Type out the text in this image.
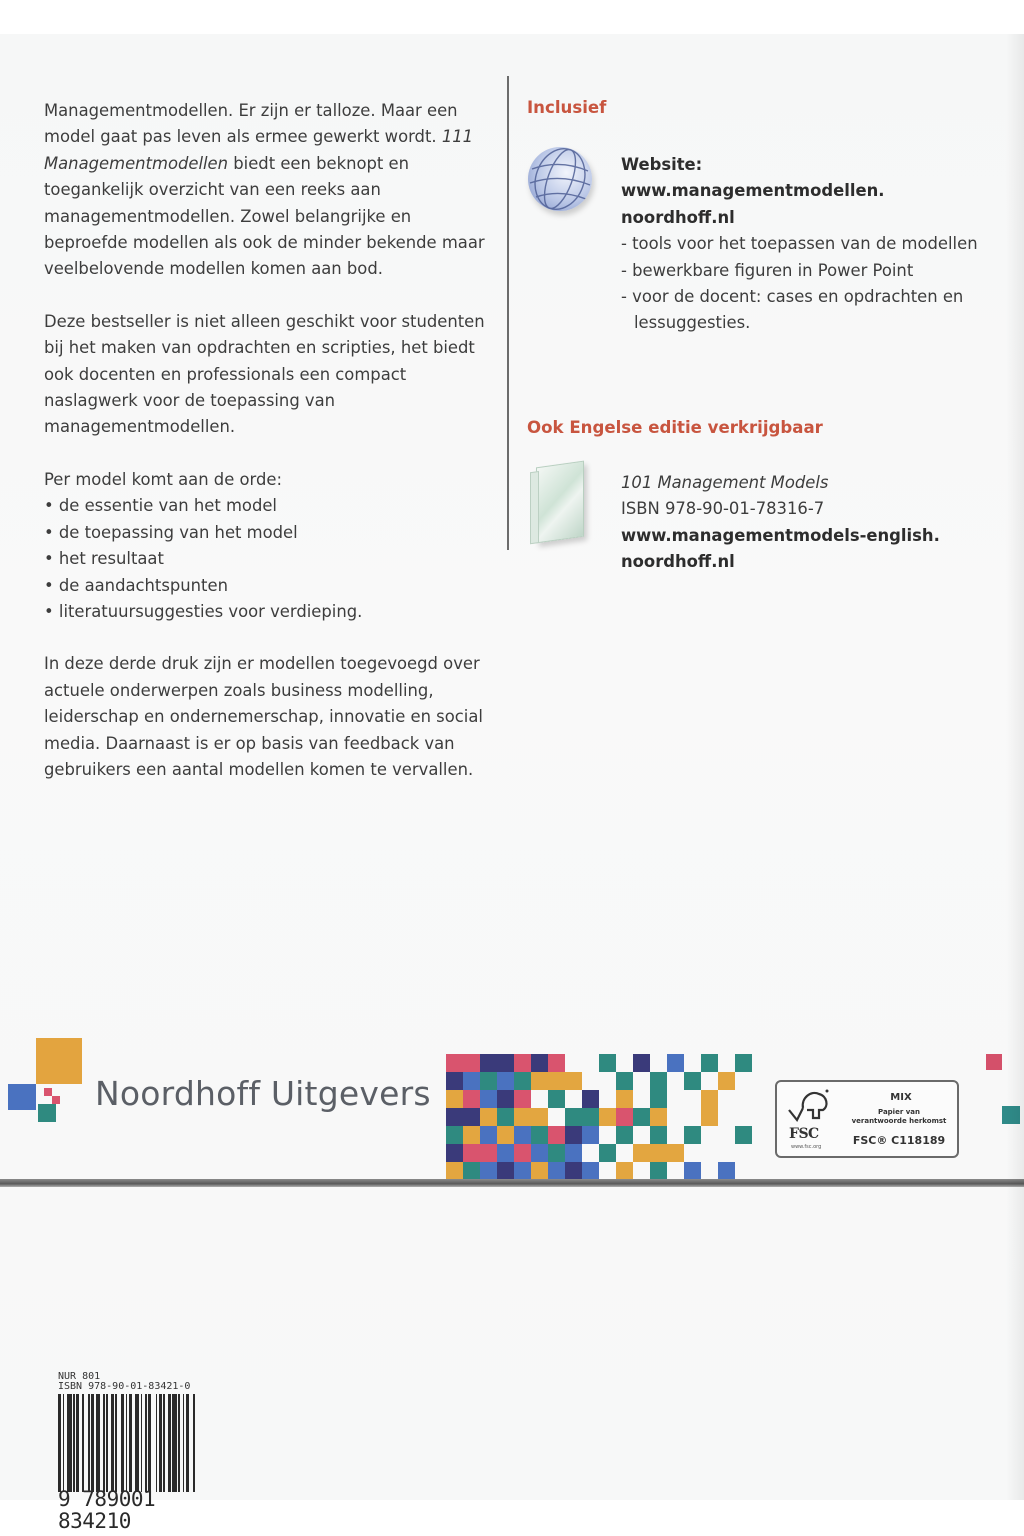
Managementmodellen. Er zijn er talloze. Maar een model gaat pas leven als ermee gewerkt wordt. 111 Managementmodellen biedt een beknopt en toegankelijk overzicht van een reeks aan managementmodellen. Zowel belangrijke en beproefde modellen als ook de minder bekende maar veelbelovende modellen komen aan bod.

Deze bestseller is niet alleen geschikt voor studenten bij het maken van opdrachten en scripties, het biedt ook docenten en professionals een compact naslagwerk voor de toepassing van managementmodellen.

Per model komt aan de orde:
• de essentie van het model
• de toepassing van het model
• het resultaat
• de aandachtspunten
• literatuursuggesties voor verdieping.

In deze derde druk zijn er modellen toegevoegd over actuele onderwerpen zoals business modelling, leiderschap en ondernemerschap, innovatie en social media. Daarnaast is er op basis van feedback van gebruikers een aantal modellen komen te vervallen.

Inclusief
Website:
www.managementmodellen.
noordhoff.nl
- tools voor het toepassen van de modellen
- bewerkbare figuren in Power Point
- voor de docent: cases en opdrachten en lessuggesties.
Ook Engelse editie verkrijgbaar
101 Management Models
ISBN 978-90-01-78316-7
www.managementmodels-english.
noordhoff.nl
Noordhoff Uitgevers
FSC
www.fsc.org
MIX
Papier van
verantwoorde herkomst
FSC® C118189
NUR 801
ISBN 978-90-01-83421-0
9 789001 834210
